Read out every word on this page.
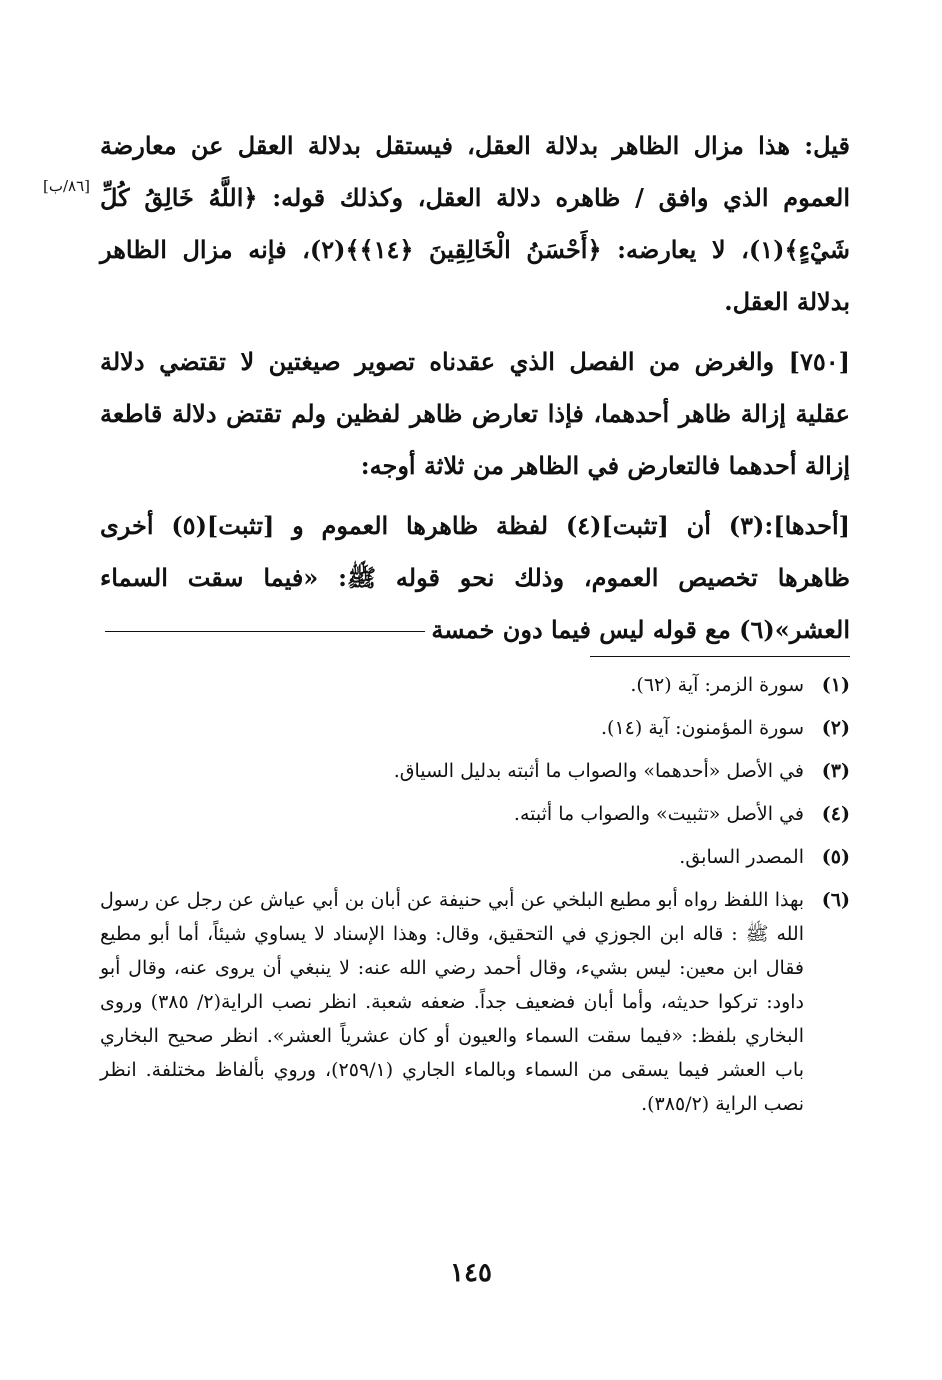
[٨٦/ب]

قيل: هذا مزال الظاهر بدلالة العقل، فيستقل بدلالة العقل عن معارضة العموم الذي وافق / ظاهره دلالة العقل، وكذلك قوله: ﴿اللَّهُ خَالِقُ كُلِّ شَيْءٍ﴾(١)، لا يعارضه: ﴿أَحْسَنُ الْخَالِقِينَ ﴿١٤﴾﴾(٢)، فإنه مزال الظاهر بدلالة العقل.

[٧٥٠] والغرض من الفصل الذي عقدناه تصوير صيغتين لا تقتضي دلالة عقلية إزالة ظاهر أحدهما، فإذا تعارض ظاهر لفظين ولم تقتض دلالة قاطعة إزالة أحدهما فالتعارض في الظاهر من ثلاثة أوجه:

[أحدها]:(٣) أن [تثبت](٤) لفظة ظاهرها العموم و [تثبت](٥) أخرى ظاهرها تخصيص العموم، وذلك نحو قوله ﷺ: «فيما سقت السماء العشر»(٦) مع قوله ليس فيما دون خمسة

(١)
سورة الزمر: آية (٦٢).
(٢)
سورة المؤمنون: آية (١٤).
(٣)
في الأصل «أحدهما» والصواب ما أثبته بدليل السياق.
(٤)
في الأصل «تثبيت» والصواب ما أثبته.
(٥)
المصدر السابق.
(٦)
بهذا اللفظ رواه أبو مطيع البلخي عن أبي حنيفة عن أبان بن أبي عياش عن رجل عن رسول الله ﷺ : قاله ابن الجوزي في التحقيق، وقال: وهذا الإسناد لا يساوي شيئاً، أما أبو مطيع فقال ابن معين: ليس بشيء، وقال أحمد رضي الله عنه: لا ينبغي أن يروى عنه، وقال أبو داود: تركوا حديثه، وأما أبان فضعيف جداً. ضعفه شعبة. انظر نصب الراية(٢/ ٣٨٥) وروى البخاري بلفظ: «فيما سقت السماء والعيون أو كان عشرياً العشر». انظر صحيح البخاري باب العشر فيما يسقى من السماء وبالماء الجاري (٢٥٩/١)، وروي بألفاظ مختلفة. انظر نصب الراية (٣٨٥/٢).
١٤٥
